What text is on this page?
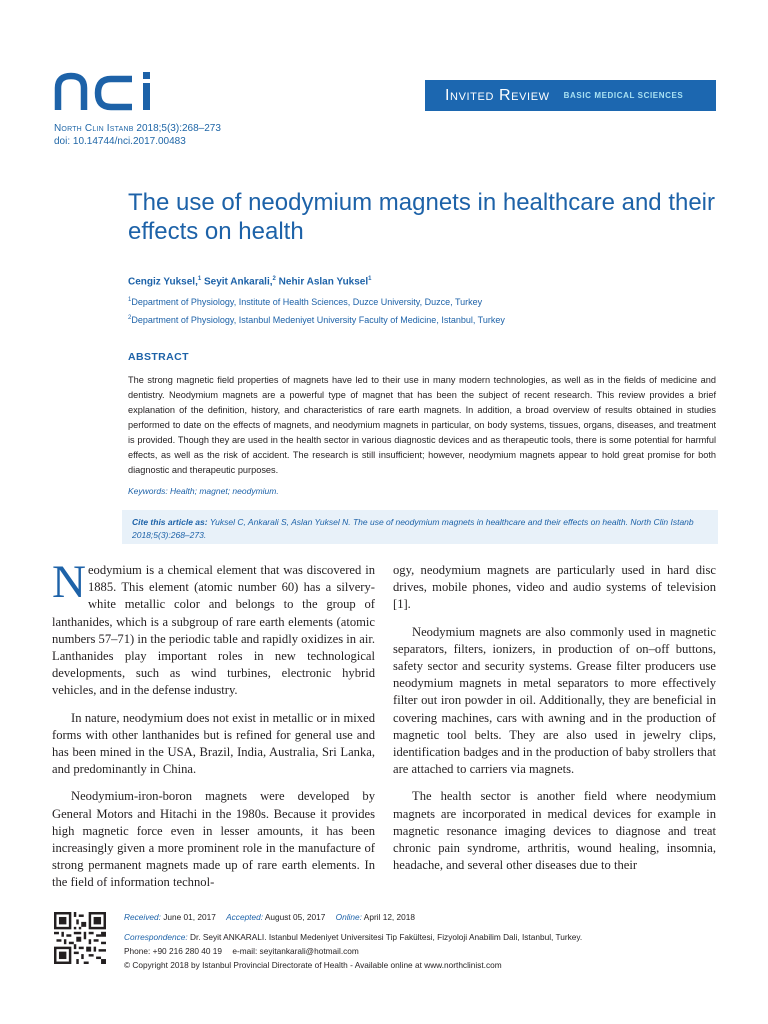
North Clin Istanb 2018;5(3):268–273
doi: 10.14744/nci.2017.00483
Invited Review BASIC MEDICAL SCIENCES
The use of neodymium magnets in healthcare and their effects on health
Cengiz Yuksel,$^1$ Seyit Ankarali,$^2$ Nehir Aslan Yuksel$^1$
$^1$Department of Physiology, Institute of Health Sciences, Duzce University, Duzce, Turkey
$^2$Department of Physiology, Istanbul Medeniyet University Faculty of Medicine, Istanbul, Turkey
ABSTRACT

The strong magnetic field properties of magnets have led to their use in many modern technologies, as well as in the fields of medicine and dentistry. Neodymium magnets are a powerful type of magnet that has been the subject of recent research. This review provides a brief explanation of the definition, history, and characteristics of rare earth magnets. In addition, a broad overview of results obtained in studies performed to date on the effects of magnets, and neodymium magnets in particular, on body systems, tissues, organs, diseases, and treatment is provided. Though they are used in the health sector in various diagnostic devices and as therapeutic tools, there is some potential for harmful effects, as well as the risk of accident. The research is still insufficient; however, neodymium magnets appear to hold great promise for both diagnostic and therapeutic purposes.

Keywords: Health; magnet; neodymium.
Cite this article as: Yuksel C, Ankarali S, Aslan Yuksel N. The use of neodymium magnets in healthcare and their effects on health. North Clin Istanb 2018;5(3):268–273.

Neodymium is a chemical element that was discovered in 1885. This element (atomic number 60) has a silvery-white metallic color and belongs to the group of lanthanides, which is a subgroup of rare earth elements (atomic numbers 57–71) in the periodic table and rapidly oxidizes in air. Lanthanides play important roles in new technological developments, such as wind turbines, electronic hybrid vehicles, and in the defense industry.

In nature, neodymium does not exist in metallic or in mixed forms with other lanthanides but is refined for general use and has been mined in the USA, Brazil, India, Australia, Sri Lanka, and predominantly in China.

Neodymium-iron-boron magnets were developed by General Motors and Hitachi in the 1980s. Because it provides high magnetic force even in lesser amounts, it has been increasingly given a more prominent role in the manufacture of strong permanent magnets made up of rare earth elements. In the field of information technol-

ogy, neodymium magnets are particularly used in hard disc drives, mobile phones, video and audio systems of television [1].

Neodymium magnets are also commonly used in magnetic separators, filters, ionizers, in production of on–off buttons, safety sector and security systems. Grease filter producers use neodymium magnets in metal separators to more effectively filter out iron powder in oil. Additionally, they are beneficial in covering machines, cars with awning and in the production of magnetic tool belts. They are also used in jewelry clips, identification badges and in the production of baby strollers that are attached to carriers via magnets.

The health sector is another field where neodymium magnets are incorporated in medical devices for example in magnetic resonance imaging devices to diagnose and treat chronic pain syndrome, arthritis, wound healing, insomnia, headache, and several other diseases due to their

Received: June 01, 2017 Accepted: August 05, 2017 Online: April 12, 2018
Correspondence: Dr. Seyit ANKARALI. Istanbul Medeniyet Universitesi Tip Fakültesi, Fizyoloji Anabilim Dali, Istanbul, Turkey.
Phone: +90 216 280 40 19 e-mail: seyitankarali@hotmail.com
© Copyright 2018 by Istanbul Provincial Directorate of Health - Available online at www.northclinist.com
